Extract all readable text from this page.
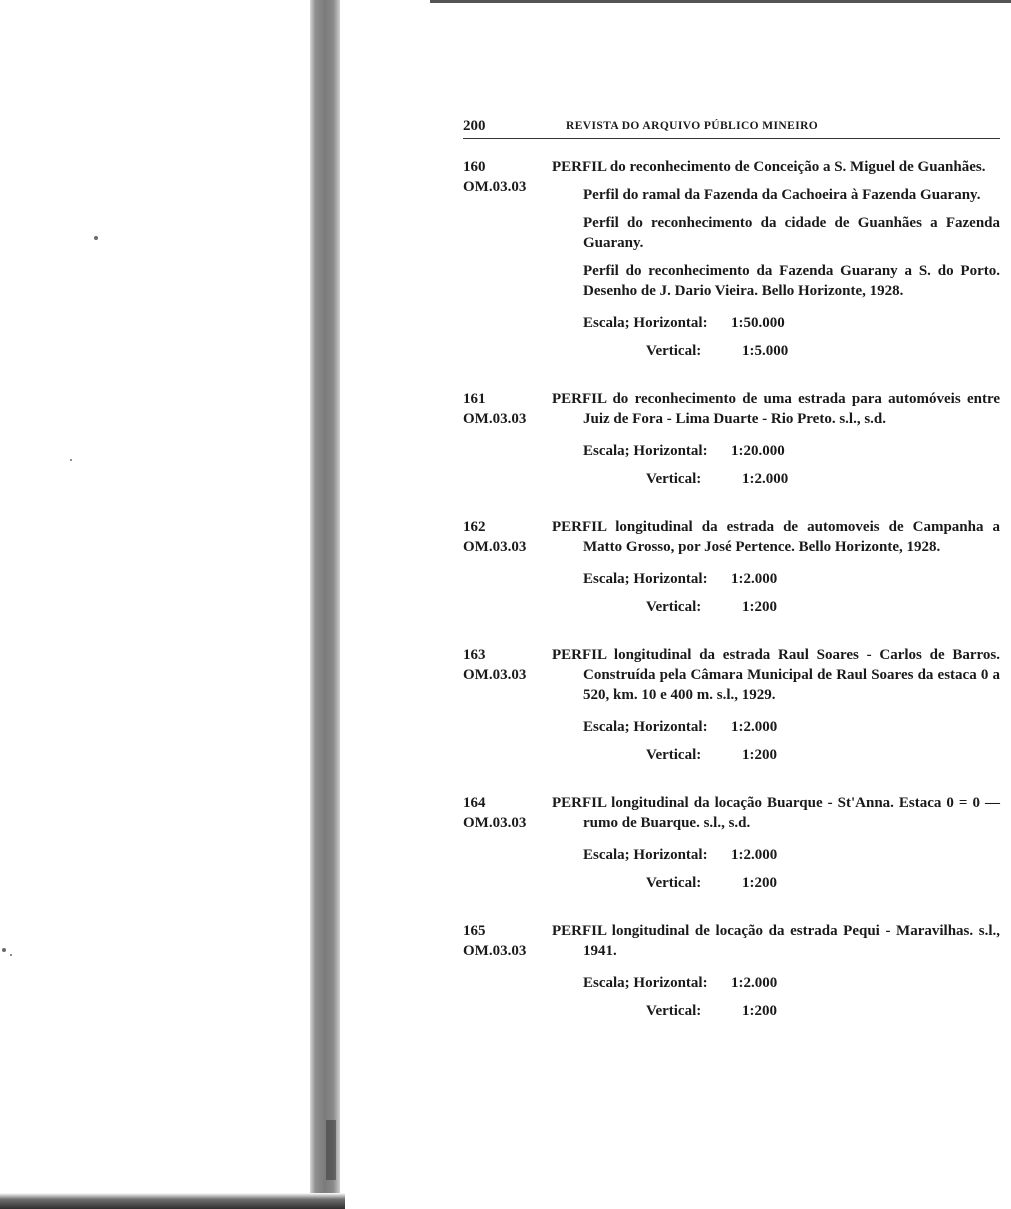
200	REVISTA DO ARQUIVO PÚBLICO MINEIRO
160
OM.03.03

PERFIL do reconhecimento de Conceição a S. Miguel de Guanhães.

Perfil do ramal da Fazenda da Cachoeira à Fazenda Guarany.

Perfil do reconhecimento da cidade de Guanhães a Fazenda Guarany.

Perfil do reconhecimento da Fazenda Guarany a S. do Porto. Desenho de J. Dario Vieira. Bello Horizonte, 1928.

Escala; Horizontal: 1:50.000
Vertical:	1:5.000
161
OM.03.03

PERFIL do reconhecimento de uma estrada para automóveis entre Juiz de Fora - Lima Duarte - Rio Preto. s.l., s.d.

Escala; Horizontal: 1:20.000
Vertical:	1:2.000
162
OM.03.03

PERFIL longitudinal da estrada de automoveis de Campanha a Matto Grosso, por José Pertence. Bello Horizonte, 1928.

Escala; Horizontal: 1:2.000
Vertical:	1:200
163
OM.03.03

PERFIL longitudinal da estrada Raul Soares - Carlos de Barros. Construída pela Câmara Municipal de Raul Soares da estaca 0 a 520, km. 10 e 400 m. s.l., 1929.

Escala; Horizontal: 1:2.000
Vertical:	1:200
164
OM.03.03

PERFIL longitudinal da locação Buarque - St'Anna. Estaca 0 = 0 — rumo de Buarque. s.l., s.d.

Escala; Horizontal: 1:2.000
Vertical:	1:200
165
OM.03.03

PERFIL longitudinal de locação da estrada Pequi - Maravilhas. s.l., 1941.

Escala; Horizontal: 1:2.000
Vertical:	1:200
